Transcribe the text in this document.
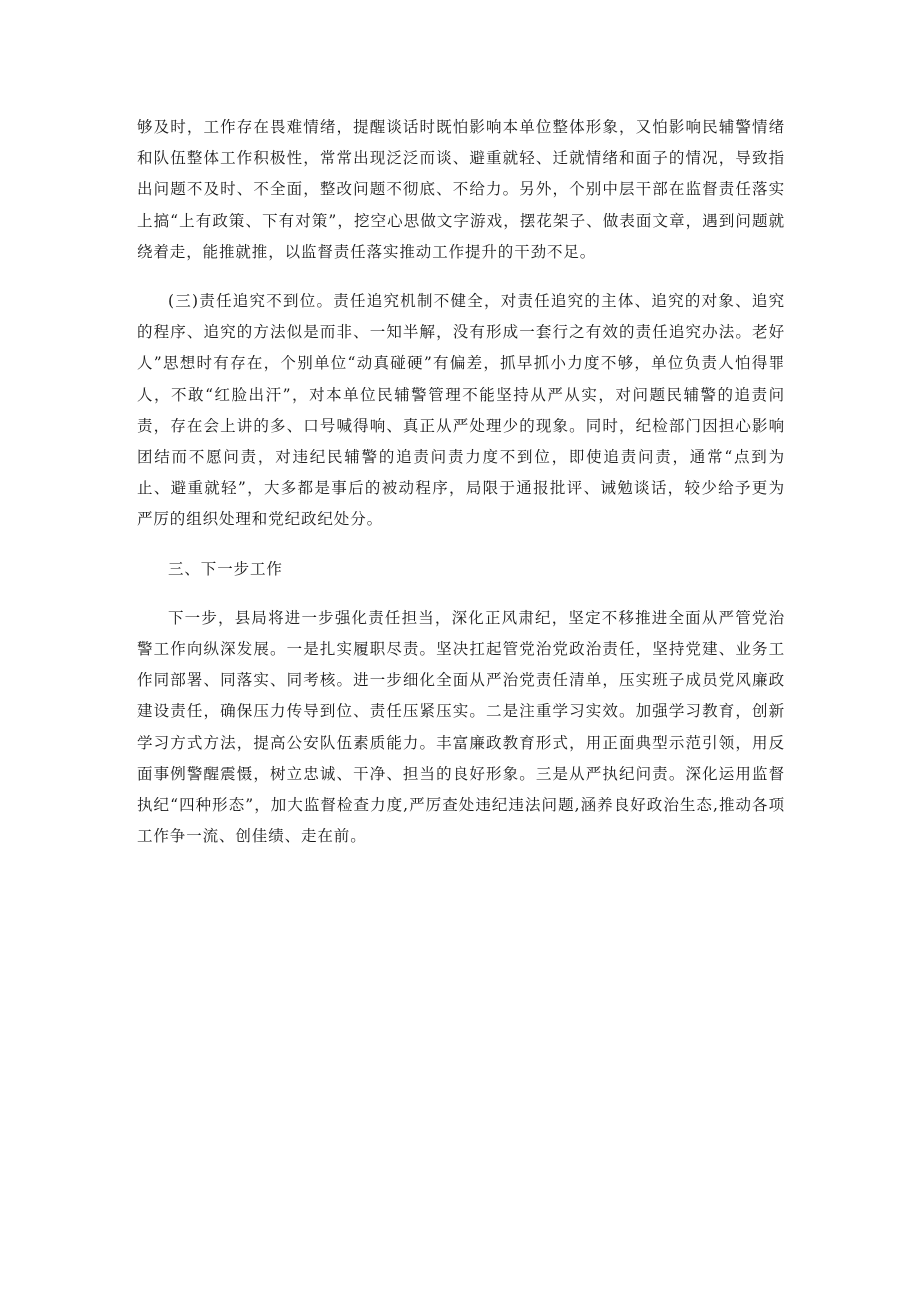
够及时，工作存在畏难情绪，提醒谈话时既怕影响本单位整体形象，又怕影响民辅警情绪和队伍整体工作积极性，常常出现泛泛而谈、避重就轻、迁就情绪和面子的情况，导致指出问题不及时、不全面，整改问题不彻底、不给力。另外，个别中层干部在监督责任落实上搞“上有政策、下有对策”，挖空心思做文字游戏，摆花架子、做表面文章，遇到问题就绕着走，能推就推，以监督责任落实推动工作提升的干劲不足。

(三)责任追究不到位。责任追究机制不健全，对责任追究的主体、追究的对象、追究的程序、追究的方法似是而非、一知半解，没有形成一套行之有效的责任追究办法。老好人”思想时有存在，个别单位“动真碰硬”有偏差，抓早抓小力度不够，单位负责人怕得罪人，不敢“红脸出汗”，对本单位民辅警管理不能坚持从严从实，对问题民辅警的追责问责，存在会上讲的多、口号喊得响、真正从严处理少的现象。同时，纪检部门因担心影响团结而不愿问责，对违纪民辅警的追责问责力度不到位，即使追责问责，通常“点到为止、避重就轻”，大多都是事后的被动程序，局限于通报批评、诫勉谈话，较少给予更为严厉的组织处理和党纪政纪处分。

三、下一步工作

下一步，县局将进一步强化责任担当，深化正风肃纪，坚定不移推进全面从严管党治警工作向纵深发展。一是扎实履职尽责。坚决扛起管党治党政治责任，坚持党建、业务工作同部署、同落实、同考核。进一步细化全面从严治党责任清单，压实班子成员党风廉政建设责任，确保压力传导到位、责任压紧压实。二是注重学习实效。加强学习教育，创新学习方式方法，提高公安队伍素质能力。丰富廉政教育形式，用正面典型示范引领，用反面事例警醒震慑，树立忠诚、干净、担当的良好形象。三是从严执纪问责。深化运用监督执纪“四种形态”，加大监督检查力度,严厉查处违纪违法问题,涵养良好政治生态,推动各项工作争一流、创佳绩、走在前。
